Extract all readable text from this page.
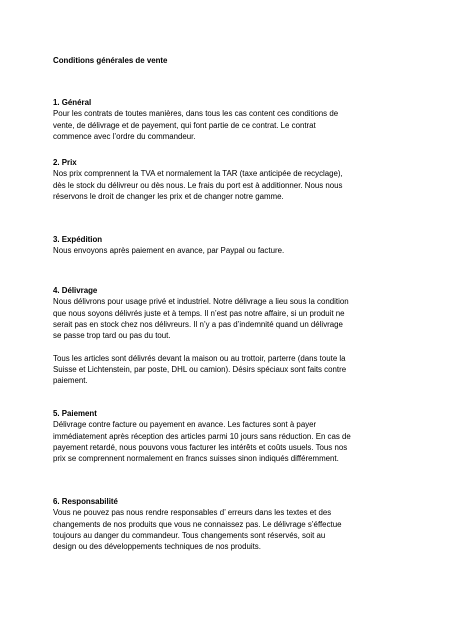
Conditions générales de vente
1. Général
Pour les contrats de toutes manières, dans tous les cas content ces conditions de
vente, de délivrage et de payement, qui font partie de ce contrat. Le contrat
commence avec l’ordre du commandeur.
2. Prix
Nos prix comprennent la TVA et normalement la TAR (taxe anticipée de recyclage),
dès le stock du délivreur ou dès nous. Le frais du port est à additionner. Nous nous
réservons le droit de changer les prix et de changer notre gamme.
3. Expédition
Nous envoyons après paiement en avance, par Paypal ou facture.
4. Délivrage
Nous délivrons pour usage privé et industriel. Notre délivrage a lieu sous la condition
que nous soyons délivrés juste et à temps. Il n’est pas notre affaire, si un produit ne
serait pas en stock chez nos délivreurs. Il n’y a pas d’indemnité quand un délivrage
se passe trop tard ou pas du tout.
Tous les articles sont délivrés devant la maison ou au trottoir, parterre (dans toute la
Suisse et Lichtenstein, par poste, DHL ou camion). Désirs spéciaux sont faits contre
paiement.
5. Paiement
Délivrage contre facture ou payement en avance. Les factures sont à payer
immédiatement après réception des articles parmi 10 jours sans réduction. En cas de
payement retardé, nous pouvons vous facturer les intérêts et coûts usuels. Tous nos
prix se comprennent normalement en francs suisses sinon indiqués différemment.
6. Responsabilité
Vous ne pouvez pas nous rendre responsables d’ erreurs dans les textes et des
changements de nos produits que vous ne connaissez pas. Le délivrage s’éffectue
toujours au danger du commandeur. Tous changements sont réservés, soit au
design ou des développements techniques de nos produits.
